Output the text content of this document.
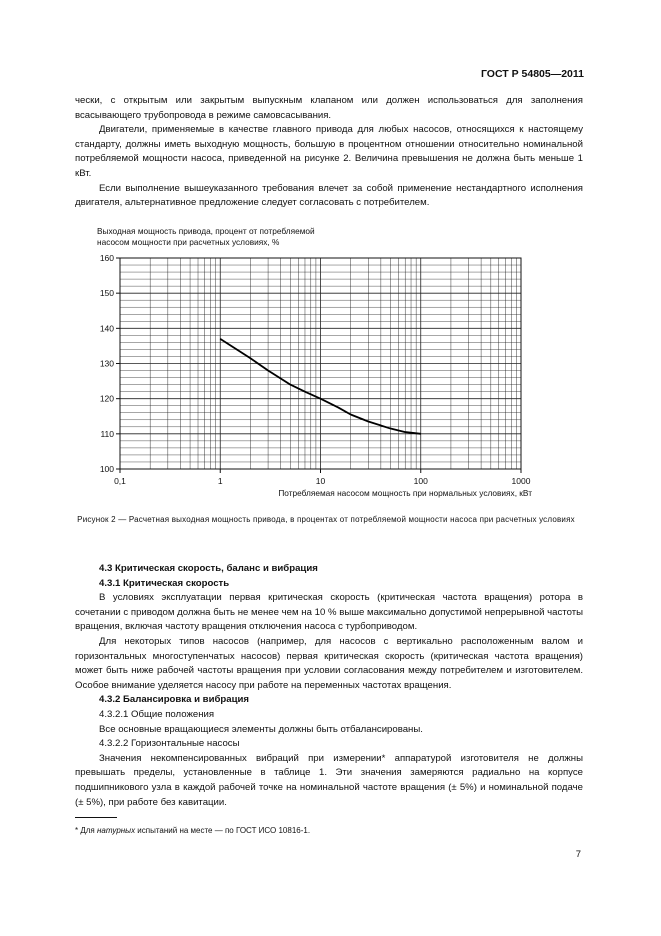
ГОСТ Р 54805—2011

чески, с открытым или закрытым выпускным клапаном или должен использоваться для заполнения всасывающего трубопровода в режиме самовсасывания.

Двигатели, применяемые в качестве главного привода для любых насосов, относящихся к настоящему стандарту, должны иметь выходную мощность, большую в процентном отношении относительно номинальной потребляемой мощности насоса, приведенной на рисунке 2. Величина превышения не должна быть меньше 1 кВт.

Если выполнение вышеуказанного требования влечет за собой применение нестандартного исполнения двигателя, альтернативное предложение следует согласовать с потребителем.

100
110
120
130
140
150
160
0,1	1	10	100	1000
Выходная мощность привода, процент от потребляемой насосом мощности при расчетных условиях, %
Потребляемая насосом мощность при нормальных условиях, кВт
Рисунок 2 — Расчетная выходная мощность привода, в процентах от потребляемой мощности насоса при расчетных условиях

4.3 Критическая скорость, баланс и вибрация

4.3.1 Критическая скорость

В условиях эксплуатации первая критическая скорость (критическая частота вращения) ротора в сочетании с приводом должна быть не менее чем на 10 % выше максимально допустимой непрерывной частоты вращения, включая частоту вращения отключения насоса с турбоприводом.

Для некоторых типов насосов (например, для насосов с вертикально расположенным валом и горизонтальных многоступенчатых насосов) первая критическая скорость (критическая частота вращения) может быть ниже рабочей частоты вращения при условии согласования между потребителем и изготовителем. Особое внимание уделяется насосу при работе на переменных частотах вращения.

4.3.2 Балансировка и вибрация

4.3.2.1 Общие положения

Все основные вращающиеся элементы должны быть отбалансированы.

4.3.2.2 Горизонтальные насосы

Значения некомпенсированных вибраций при измерении* аппаратурой изготовителя не должны превышать пределы, установленные в таблице 1. Эти значения замеряются радиально на корпусе подшипникового узла в каждой рабочей точке на номинальной частоте вращения (± 5%) и номинальной подаче (± 5%), при работе без кавитации.

* Для натурных испытаний на месте — по ГОСТ ИСО 10816-1.
7
